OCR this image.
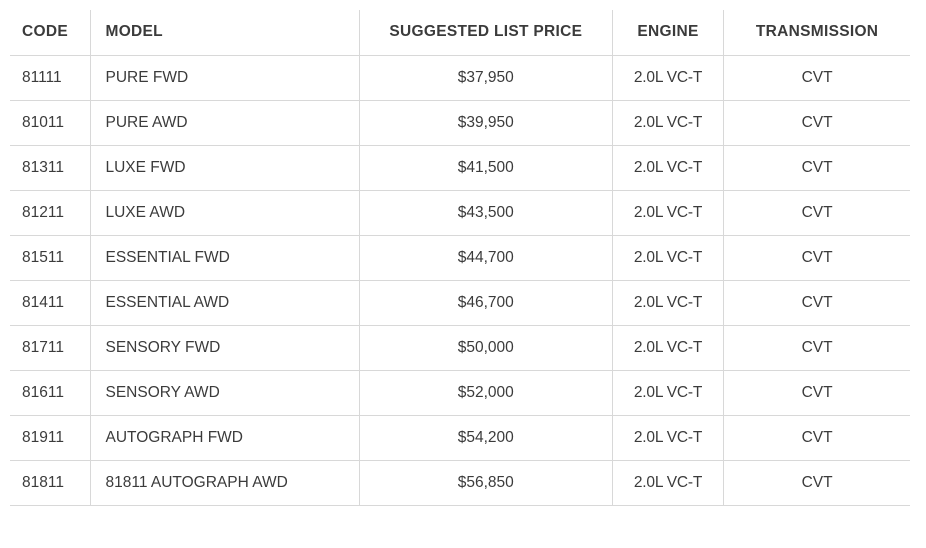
CODE	MODEL	SUGGESTED LIST PRICE	ENGINE	TRANSMISSION
81111	PURE FWD	$37,950	2.0L VC-T	CVT
81011	PURE AWD	$39,950	2.0L VC-T	CVT
81311	LUXE FWD	$41,500	2.0L VC-T	CVT
81211	LUXE AWD	$43,500	2.0L VC-T	CVT
81511	ESSENTIAL FWD	$44,700	2.0L VC-T	CVT
81411	ESSENTIAL AWD	$46,700	2.0L VC-T	CVT
81711	SENSORY FWD	$50,000	2.0L VC-T	CVT
81611	SENSORY AWD	$52,000	2.0L VC-T	CVT
81911	AUTOGRAPH FWD	$54,200	2.0L VC-T	CVT
81811	81811 AUTOGRAPH AWD	$56,850	2.0L VC-T	CVT
